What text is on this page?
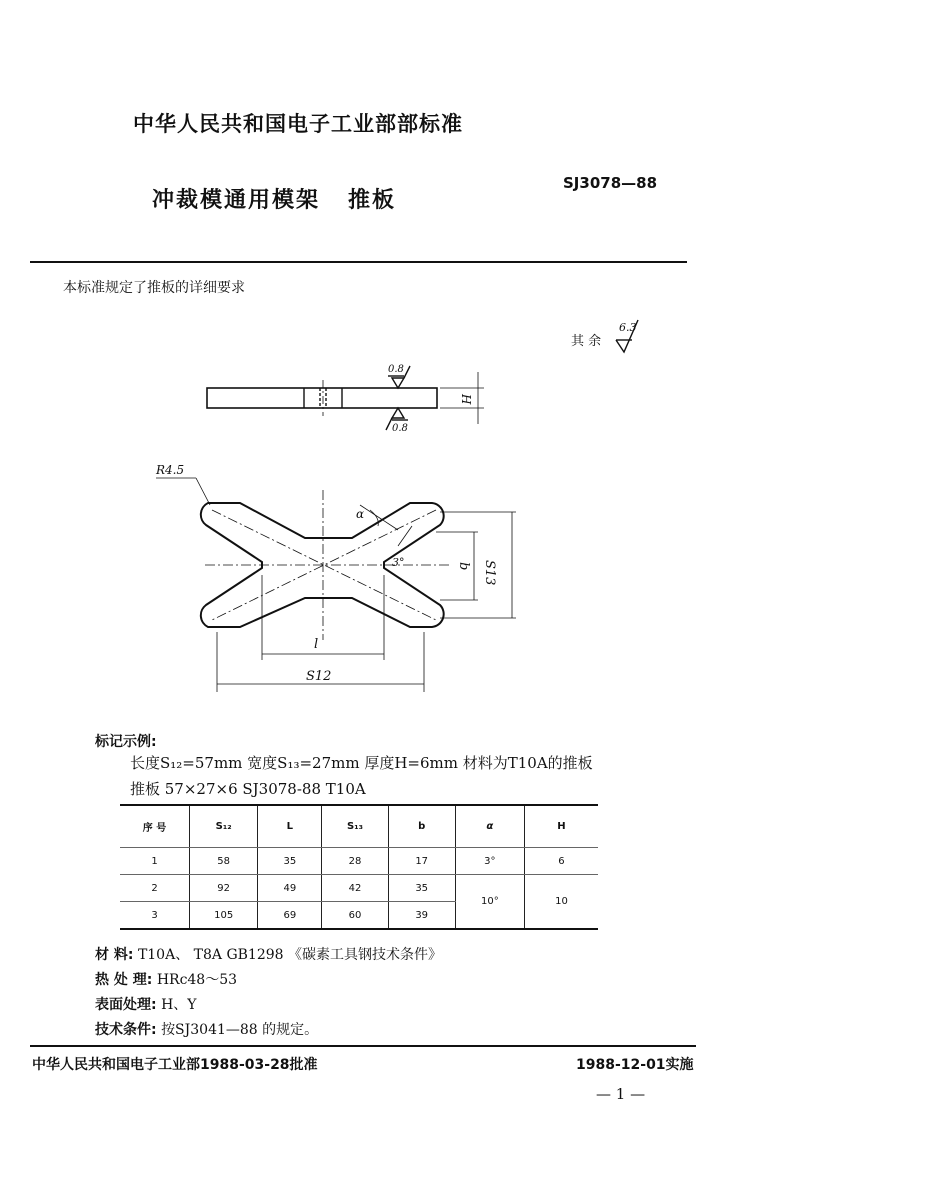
中华人民共和国电子工业部部标准
冲裁模通用模架 推板
SJ3078—88
本标准规定了推板的详细要求
其 余
6.3
0.8
0.8
H
R4.5
α
3°	b S13
l
S12
标记示例:
长度S₁₂=57mm 宽度S₁₃=27mm 厚度H=6mm 材料为T10A的推板
推板 57×27×6 SJ3078-88 T10A
序 号	S₁₂	L	S₁₃	b	α	H
1	58	35	28	17	3°	6
2	92	49	42	35	10°	10
3	105	69	60	39		
材 料: T10A、 T8A GB1298 《碳素工具钢技术条件》
热 处 理: HRc48～53
表面处理: H、Y
技术条件: 按SJ3041—88 的规定。
中华人民共和国电子工业部1988-03-28批准	1988-12-01实施
— 1 —
